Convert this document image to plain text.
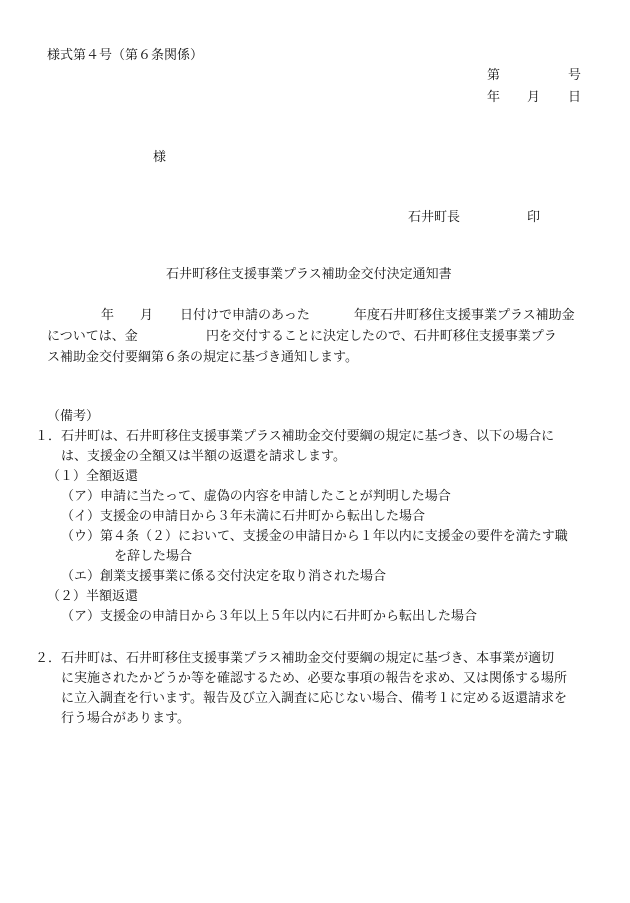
様式第４号（第６条関係）
第	号
年 月 日
様
石井町長	印
石井町移住支援事業プラス補助金交付決定通知書
年 月 日付けで申請のあった	年度石井町移住支援事業プラス補助金
については、金	円を交付することに決定したので、石井町移住支援事業プラ
ス補助金交付要綱第６条の規定に基づき通知します。
（備考）
１．石井町は、石井町移住支援事業プラス補助金交付要綱の規定に基づき、以下の場合に
は、支援金の全額又は半額の返還を請求します。
（１）全額返還
（ア）申請に当たって、虚偽の内容を申請したことが判明した場合
（イ）支援金の申請日から３年未満に石井町から転出した場合
（ウ）第４条（２）において、支援金の申請日から１年以内に支援金の要件を満たす職
を辞した場合
（エ）創業支援事業に係る交付決定を取り消された場合
（２）半額返還
（ア）支援金の申請日から３年以上５年以内に石井町から転出した場合
２．石井町は、石井町移住支援事業プラス補助金交付要綱の規定に基づき、本事業が適切
に実施されたかどうか等を確認するため、必要な事項の報告を求め、又は関係する場所
に立入調査を行います。報告及び立入調査に応じない場合、備考１に定める返還請求を
行う場合があります。
